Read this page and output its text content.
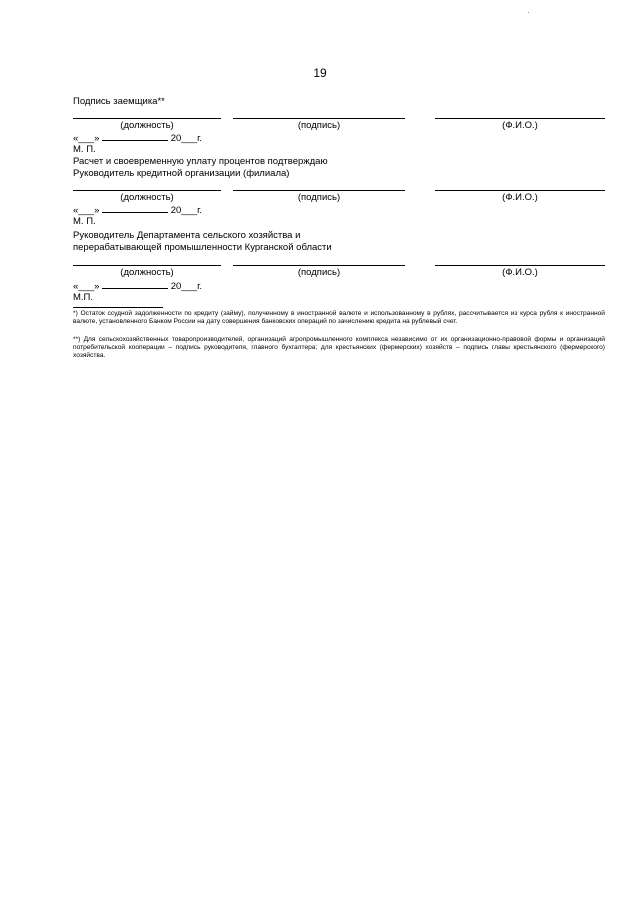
19
Подпись заемщика**
(должность)	(подпись)	(Ф.И.О.)
«___»	20___г.
М. П.
Расчет и своевременную уплату процентов подтверждаю
Руководитель кредитной организации (филиала)
(должность)	(подпись)	(Ф.И.О.)
«___»	20___г.
М. П.
Руководитель Департамента сельского хозяйства и
перерабатывающей промышленности Курганской области
(должность)	(подпись)	(Ф.И.О.)
«___»	20___г.
М.П.
*) Остаток ссудной задолженности по кредиту (займу), полученному в иностранной валюте и использованному в рублях, рассчитывается из курса рубля к иностранной валюте, установленного Банком России на дату совершения банковских операций по зачислению кредита на рублевый счет.
**) Для сельскохозяйственных товаропроизводителей, организаций агропромышленного комплекса независимо от их организационно-правовой формы и организаций потребительской кооперации – подпись руководителя, главного бухгалтера; для крестьянских (фермерских) хозяйств – подпись главы крестьянского (фермерского) хозяйства.
